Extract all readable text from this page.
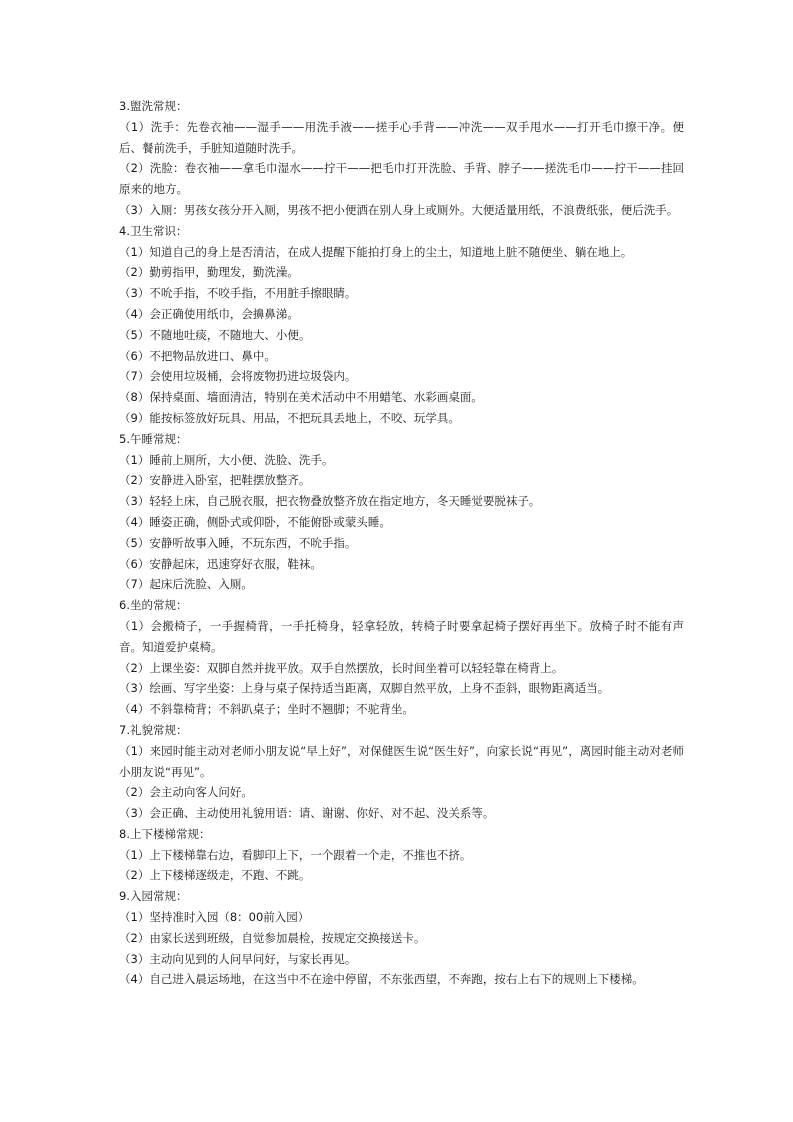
3.盥洗常规：

（1）洗手：先卷衣袖——湿手——用洗手液——搓手心手背——冲洗——双手甩水——打开毛巾擦干净。便后、餐前洗手，手脏知道随时洗手。

（2）洗脸：卷衣袖——拿毛巾湿水——拧干——把毛巾打开洗脸、手背、脖子——搓洗毛巾——拧干——挂回原来的地方。

（3）入厕：男孩女孩分开入厕，男孩不把小便洒在别人身上或厕外。大便适量用纸，不浪费纸张，便后洗手。

4.卫生常识：

（1）知道自己的身上是否清洁，在成人提醒下能拍打身上的尘土，知道地上脏不随便坐、躺在地上。

（2）勤剪指甲，勤理发，勤洗澡。

（3）不吮手指，不咬手指，不用脏手擦眼睛。

（4）会正确使用纸巾，会擤鼻涕。

（5）不随地吐痰，不随地大、小便。

（6）不把物品放进口、鼻中。

（7）会使用垃圾桶，会将废物扔进垃圾袋内。

（8）保持桌面、墙面清洁，特别在美术活动中不用蜡笔、水彩画桌面。

（9）能按标签放好玩具、用品，不把玩具丢地上，不咬、玩学具。

5.午睡常规：

（1）睡前上厕所，大小便、洗脸、洗手。

（2）安静进入卧室，把鞋摆放整齐。

（3）轻轻上床，自己脱衣服，把衣物叠放整齐放在指定地方，冬天睡觉要脱袜子。

（4）睡姿正确，侧卧式或仰卧，不能俯卧或蒙头睡。

（5）安静听故事入睡，不玩东西，不吮手指。

（6）安静起床，迅速穿好衣服，鞋袜。

（7）起床后洗脸、入厕。

6.坐的常规：

（1）会搬椅子，一手握椅背，一手托椅身，轻拿轻放，转椅子时要拿起椅子摆好再坐下。放椅子时不能有声音。知道爱护桌椅。

（2）上课坐姿：双脚自然并拢平放。双手自然摆放，长时间坐着可以轻轻靠在椅背上。

（3）绘画、写字坐姿：上身与桌子保持适当距离，双脚自然平放，上身不歪斜，眼物距离适当。

（4）不斜靠椅背；不斜趴桌子；坐时不翘脚；不驼背坐。

7.礼貌常规：

（1）来园时能主动对老师小朋友说“早上好”，对保健医生说“医生好”，向家长说“再见”，离园时能主动对老师小朋友说“再见”。

（2）会主动向客人问好。

（3）会正确、主动使用礼貌用语：请、谢谢、你好、对不起、没关系等。

8.上下楼梯常规：

（1）上下楼梯靠右边，看脚印上下，一个跟着一个走，不推也不挤。

（2）上下楼梯逐级走，不跑、不跳。

9.入园常规：

（1）坚持准时入园（8：00前入园）

（2）由家长送到班级，自觉参加晨检，按规定交换接送卡。

（3）主动向见到的人问早问好，与家长再见。

（4）自己进入晨运场地，在这当中不在途中停留，不东张西望，不奔跑，按右上右下的规则上下楼梯。
